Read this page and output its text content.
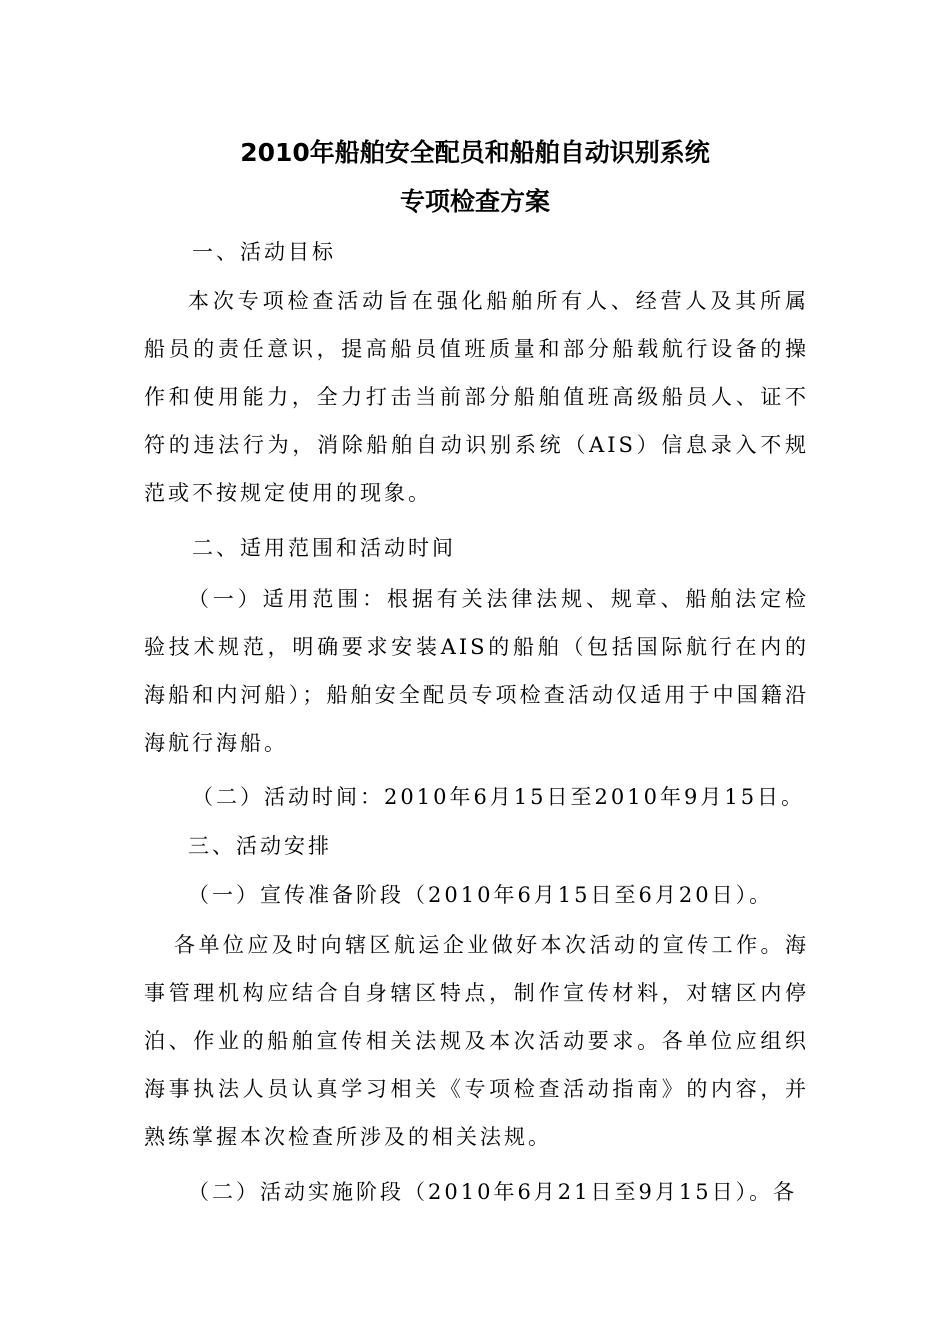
2010年船舶安全配员和船舶自动识别系统
专项检查方案
一、活动目标

本次专项检查活动旨在强化船舶所有人、经营人及其所属船员的责任意识，提高船员值班质量和部分船载航行设备的操作和使用能力，全力打击当前部分船舶值班高级船员人、证不符的违法行为，消除船舶自动识别系统（AIS）信息录入不规范或不按规定使用的现象。

二、适用范围和活动时间

（一）适用范围：根据有关法律法规、规章、船舶法定检验技术规范，明确要求安装AIS的船舶（包括国际航行在内的海船和内河船）；船舶安全配员专项检查活动仅适用于中国籍沿海航行海船。

（二）活动时间：2010年6月15日至2010年9月15日。
三、活动安排
（一）宣传准备阶段（2010年6月15日至6月20日）。

各单位应及时向辖区航运企业做好本次活动的宣传工作。海事管理机构应结合自身辖区特点，制作宣传材料，对辖区内停泊、作业的船舶宣传相关法规及本次活动要求。各单位应组织海事执法人员认真学习相关《专项检查活动指南》的内容，并熟练掌握本次检查所涉及的相关法规。

（二）活动实施阶段（2010年6月21日至9月15日）。各
